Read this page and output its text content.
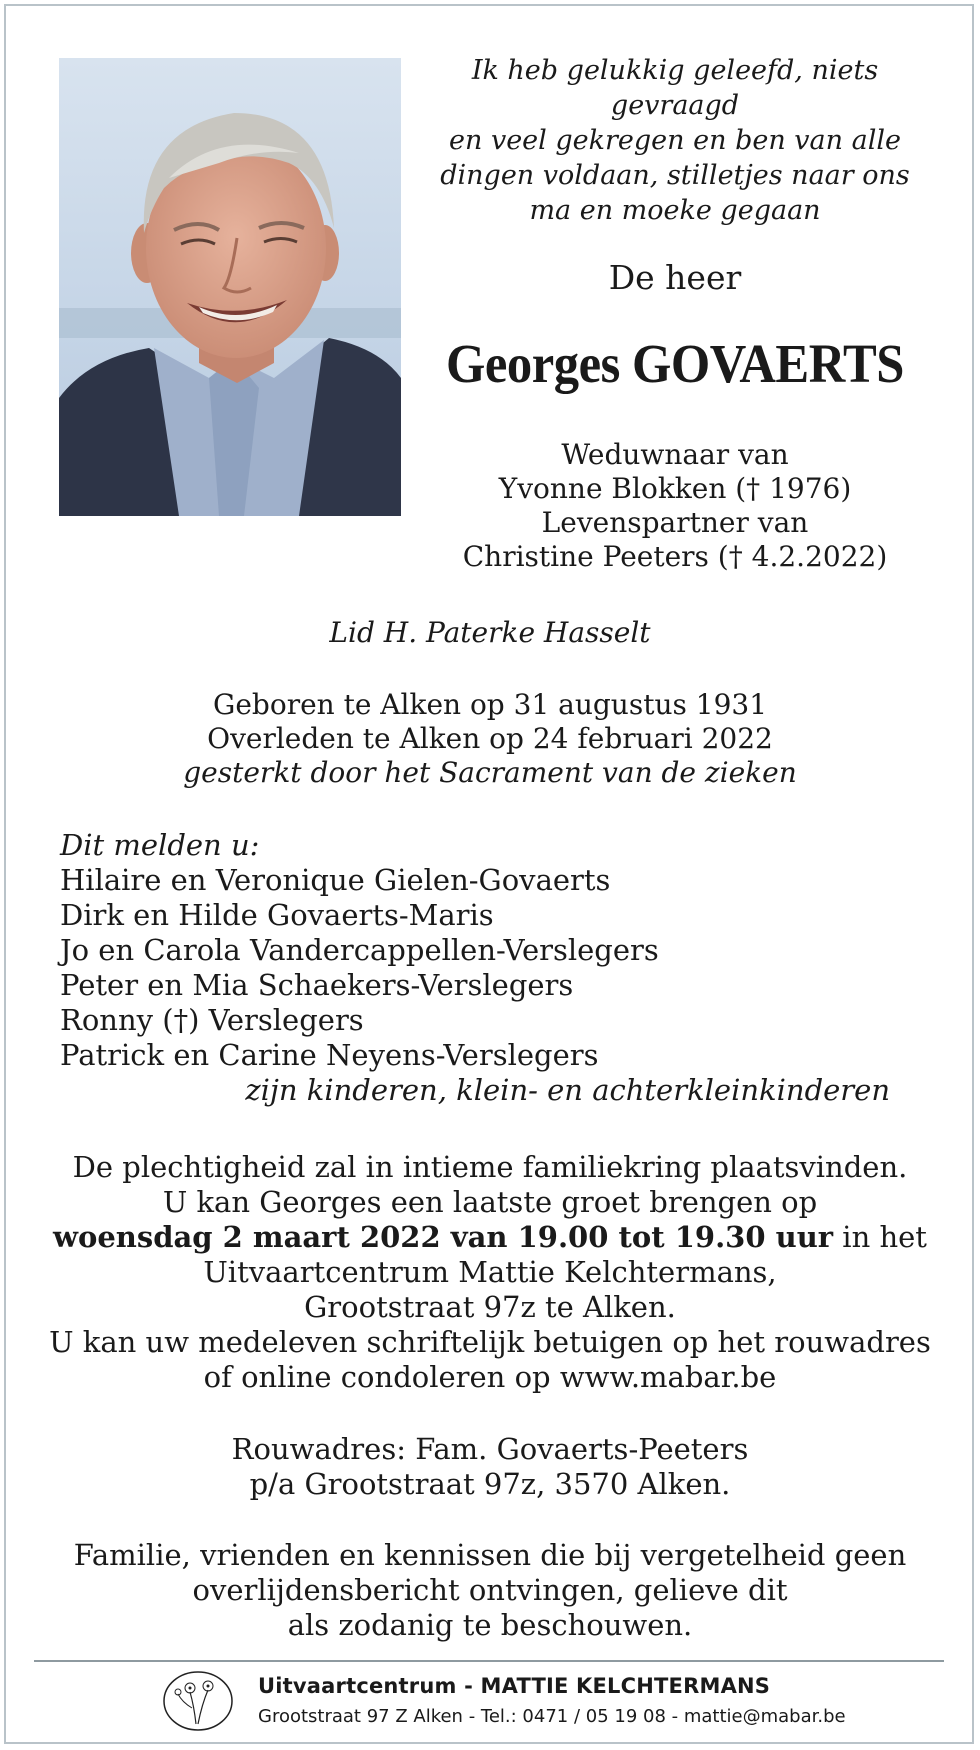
Ik heb gelukkig geleefd, niets gevraagd
en veel gekregen en ben van alle
dingen voldaan, stilletjes naar ons
ma en moeke gegaan
De heer
Georges GOVAERTS
Weduwnaar van
Yvonne Blokken († 1976)
Levenspartner van
Christine Peeters († 4.2.2022)
Lid H. Paterke Hasselt
Geboren te Alken op 31 augustus 1931
Overleden te Alken op 24 februari 2022
gesterkt door het Sacrament van de zieken
Dit melden u:
Hilaire en Veronique Gielen-Govaerts
Dirk en Hilde Govaerts-Maris
Jo en Carola Vandercappellen-Verslegers
Peter en Mia Schaekers-Verslegers
Ronny (†) Verslegers
Patrick en Carine Neyens-Verslegers
zijn kinderen, klein- en achterkleinkinderen
De plechtigheid zal in intieme familiekring plaatsvinden.
U kan Georges een laatste groet brengen op
woensdag 2 maart 2022 van 19.00 tot 19.30 uur in het
Uitvaartcentrum Mattie Kelchtermans,
Grootstraat 97z te Alken.
U kan uw medeleven schriftelijk betuigen op het rouwadres
of online condoleren op www.mabar.be
Rouwadres: Fam. Govaerts-Peeters
p/a Grootstraat 97z, 3570 Alken.
Familie, vrienden en kennissen die bij vergetelheid geen
overlijdensbericht ontvingen, gelieve dit
als zodanig te beschouwen.
Uitvaartcentrum - MATTIE KELCHTERMANS
Grootstraat 97 Z Alken - Tel.: 0471 / 05 19 08 - mattie@mabar.be
